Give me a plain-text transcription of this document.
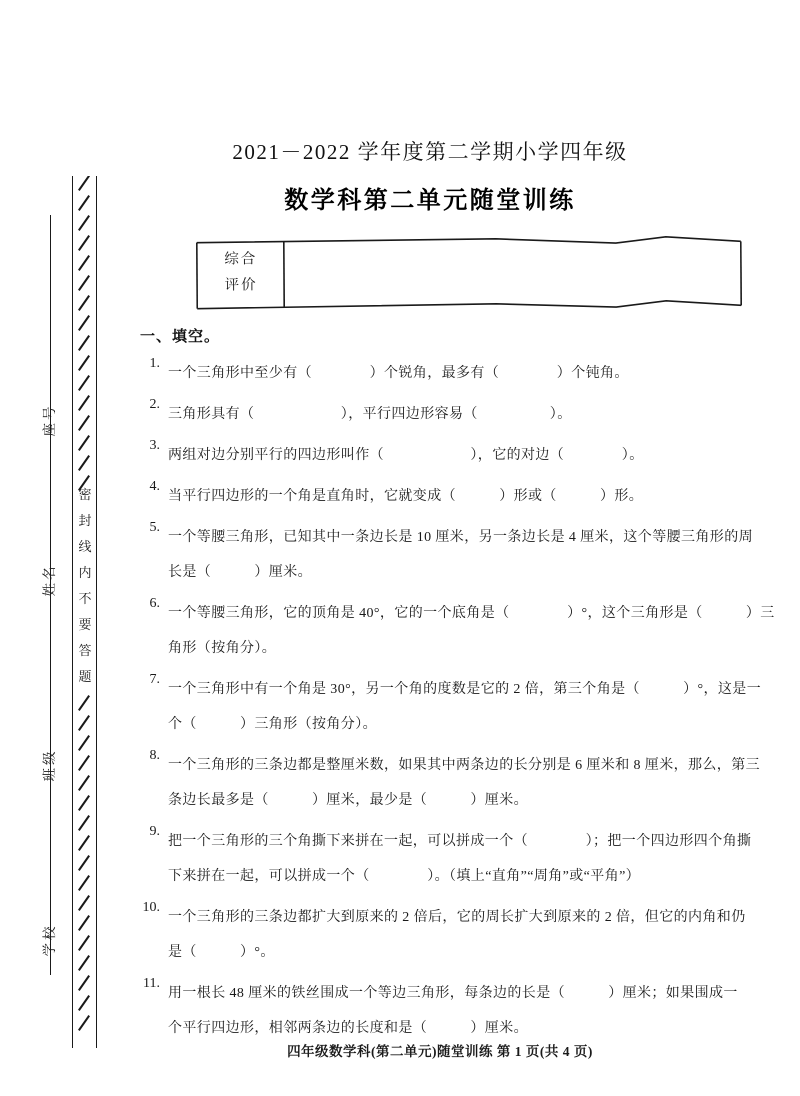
密
封
线
内
不
要
答
题
座号
姓名
班级
学校
2021－2022 学年度第二学期小学四年级
数学科第二单元随堂训练
综合
评价
一、填空。
1.
一个三角形中至少有（　　　　）个锐角，最多有（　　　　）个钝角。
2.
三角形具有（　　　　　　），平行四边形容易（　　　　　）。
3.
两组对边分别平行的四边形叫作（　　　　　　），它的对边（　　　　）。
4.
当平行四边形的一个角是直角时，它就变成（　　　）形或（　　　）形。
5.
一个等腰三角形，已知其中一条边长是 10 厘米，另一条边长是 4 厘米，这个等腰三角形的周
长是（　　　）厘米。
6.
一个等腰三角形，它的顶角是 40°，它的一个底角是（　　　　）°，这个三角形是（　　　）三
角形（按角分）。
7.
一个三角形中有一个角是 30°，另一个角的度数是它的 2 倍，第三个角是（　　　）°，这是一
个（　　　）三角形（按角分）。
8.
一个三角形的三条边都是整厘米数，如果其中两条边的长分别是 6 厘米和 8 厘米，那么，第三
条边长最多是（　　　）厘米，最少是（　　　）厘米。
9.
把一个三角形的三个角撕下来拼在一起，可以拼成一个（　　　　）；把一个四边形四个角撕
下来拼在一起，可以拼成一个（　　　　）。（填上“直角”“周角”或“平角”）
10.
一个三角形的三条边都扩大到原来的 2 倍后，它的周长扩大到原来的 2 倍，但它的内角和仍
是（　　　）°。
11.
用一根长 48 厘米的铁丝围成一个等边三角形，每条边的长是（　　　）厘米；如果围成一
个平行四边形，相邻两条边的长度和是（　　　）厘米。
四年级数学科(第二单元)随堂训练 第 1 页(共 4 页)
